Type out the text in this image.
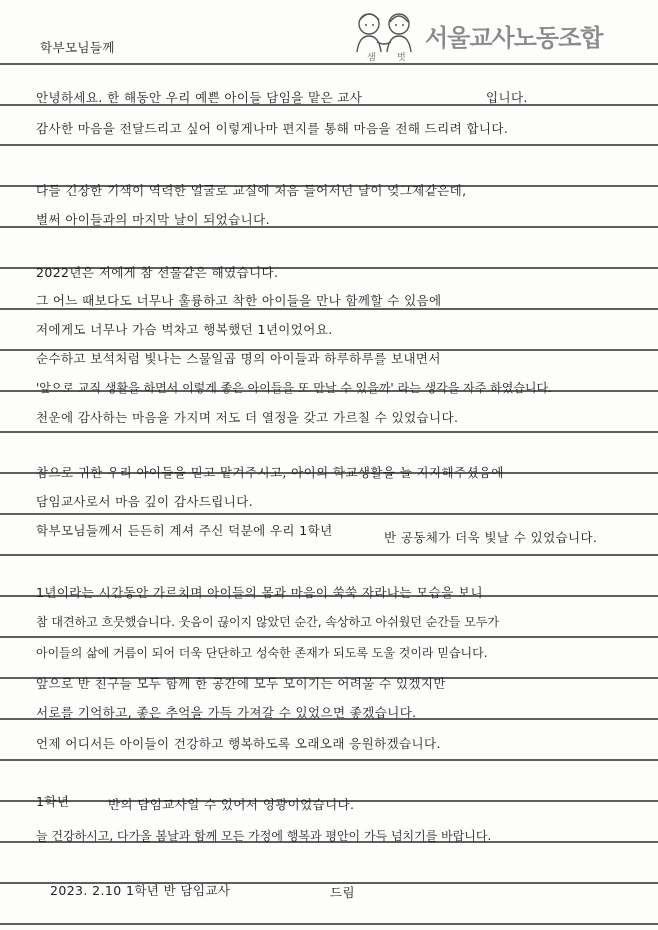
샘 벗
서울교사노동조합
학부모님들께
안녕하세요. 한 해동안 우리 예쁜 아이들 담임을 맡은 교사	입니다.
감사한 마음을 전달드리고 싶어 이렇게나마 편지를 통해 마음을 전해 드리려 합니다.
다들 긴장한 기색이 역력한 얼굴로 교실에 처음 들어서던 날이 엊그제같은데,
벌써 아이들과의 마지막 날이 되었습니다.
2022년은 저에게 참 선물같은 해였습니다.
그 어느 때보다도 너무나 훌륭하고 착한 아이들을 만나 함께할 수 있음에
저에게도 너무나 가슴 벅차고 행복했던 1년이었어요.
순수하고 보석처럼 빛나는 스물일곱 명의 아이들과 하루하루를 보내면서
'앞으로 교직 생활을 하면서 이렇게 좋은 아이들을 또 만날 수 있을까' 라는 생각을 자주 하였습니다.
천운에 감사하는 마음을 가지며 저도 더 열정을 갖고 가르칠 수 있었습니다.
참으로 귀한 우리 아이들을 믿고 맡겨주시고, 아이의 학교생활을 늘 지지해주셨음에
담임교사로서 마음 깊이 감사드립니다.
학부모님들께서 든든히 계셔 주신 덕분에 우리 1학년	반 공동체가 더욱 빛날 수 있었습니다.
1년이라는 시간동안 가르치며 아이들의 몸과 마음이 쑥쑥 자라나는 모습을 보니
참 대견하고 흐뭇했습니다. 웃음이 끊이지 않았던 순간, 속상하고 아쉬웠던 순간들 모두가
아이들의 삶에 거름이 되어 더욱 단단하고 성숙한 존재가 되도록 도울 것이라 믿습니다.
앞으로 반 친구들 모두 함께 한 공간에 모두 모이기는 어려울 수 있겠지만
서로를 기억하고, 좋은 추억을 가득 가져갈 수 있었으면 좋겠습니다.
언제 어디서든 아이들이 건강하고 행복하도록 오래오래 응원하겠습니다.
1학년	반의 담임교사일 수 있어서 영광이었습니다.
늘 건강하시고, 다가올 봄날과 함께 모든 가정에 행복과 평안이 가득 넘치기를 바랍니다.
2023. 2.10 1학년 반 담임교사	드림
